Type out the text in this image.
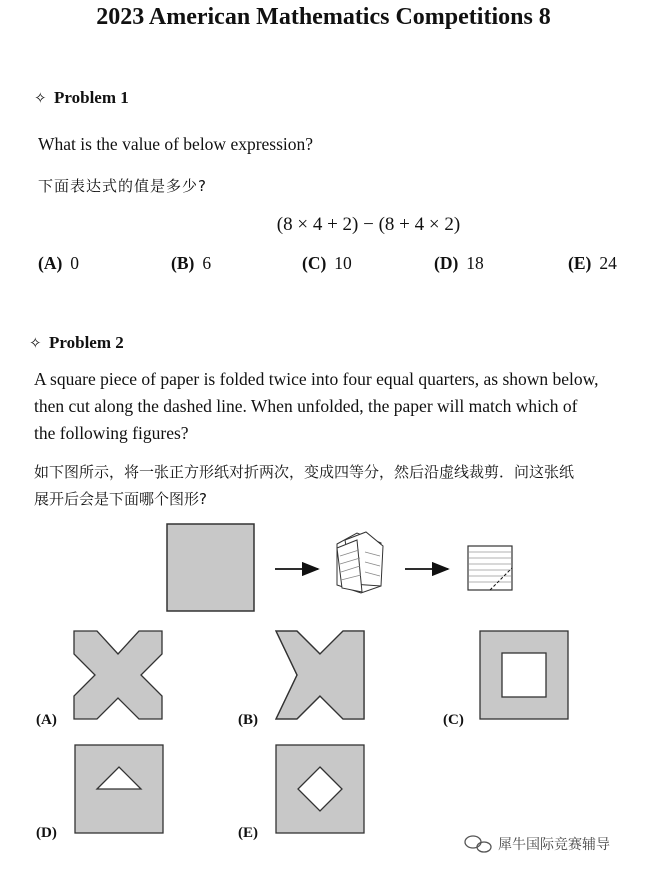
2023 American Mathematics Competitions 8
✧ Problem 1
What is the value of below expression?
下面表达式的值是多少?
(8 × 4 + 2) − (8 + 4 × 2)
(A) 0	(B) 6	(C) 10	(D) 18	(E) 24
✧ Problem 2
A square piece of paper is folded twice into four equal quarters, as shown below,
then cut along the dashed line. When unfolded, the paper will match which of
the following figures?
如下图所示，将一张正方形纸对折两次，变成四等分，然后沿虚线裁剪．问这张纸
展开后会是下面哪个图形?
(A)	(B)	(C)
(D)	(E)
犀牛国际竞赛辅导
